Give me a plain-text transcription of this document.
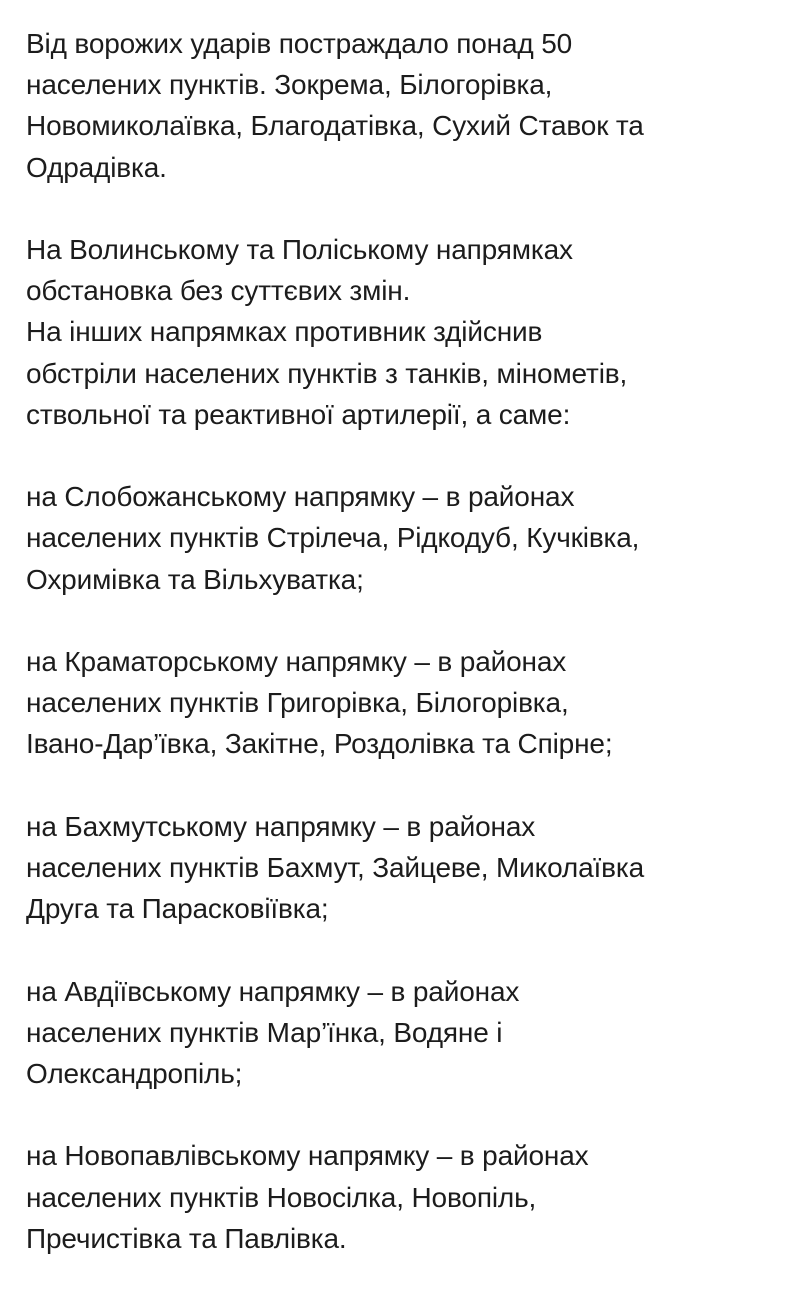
Від ворожих ударів постраждало понад 50
населених пунктів. Зокрема, Білогорівка,
Новомиколаївка, Благодатівка, Сухий Ставок та
Одрадівка.

На Волинському та Поліському напрямках
обстановка без суттєвих змін.

На інших напрямках противник здійснив
обстріли населених пунктів з танків, мінометів,
ствольної та реактивної артилерії, а саме:

на Слобожанському напрямку – в районах
населених пунктів Стрілеча, Рідкодуб, Кучківка,
Охримівка та Вільхуватка;

на Краматорському напрямку – в районах
населених пунктів Григорівка, Білогорівка,
Івано-Дар’ївка, Закітне, Роздолівка та Спірне;

на Бахмутському напрямку – в районах
населених пунктів Бахмут, Зайцеве, Миколаївка
Друга та Парасковіївка;

на Авдіївському напрямку – в районах
населених пунктів Мар’їнка, Водяне і
Олександропіль;

на Новопавлівському напрямку – в районах
населених пунктів Новосілка, Новопіль,
Пречистівка та Павлівка.
